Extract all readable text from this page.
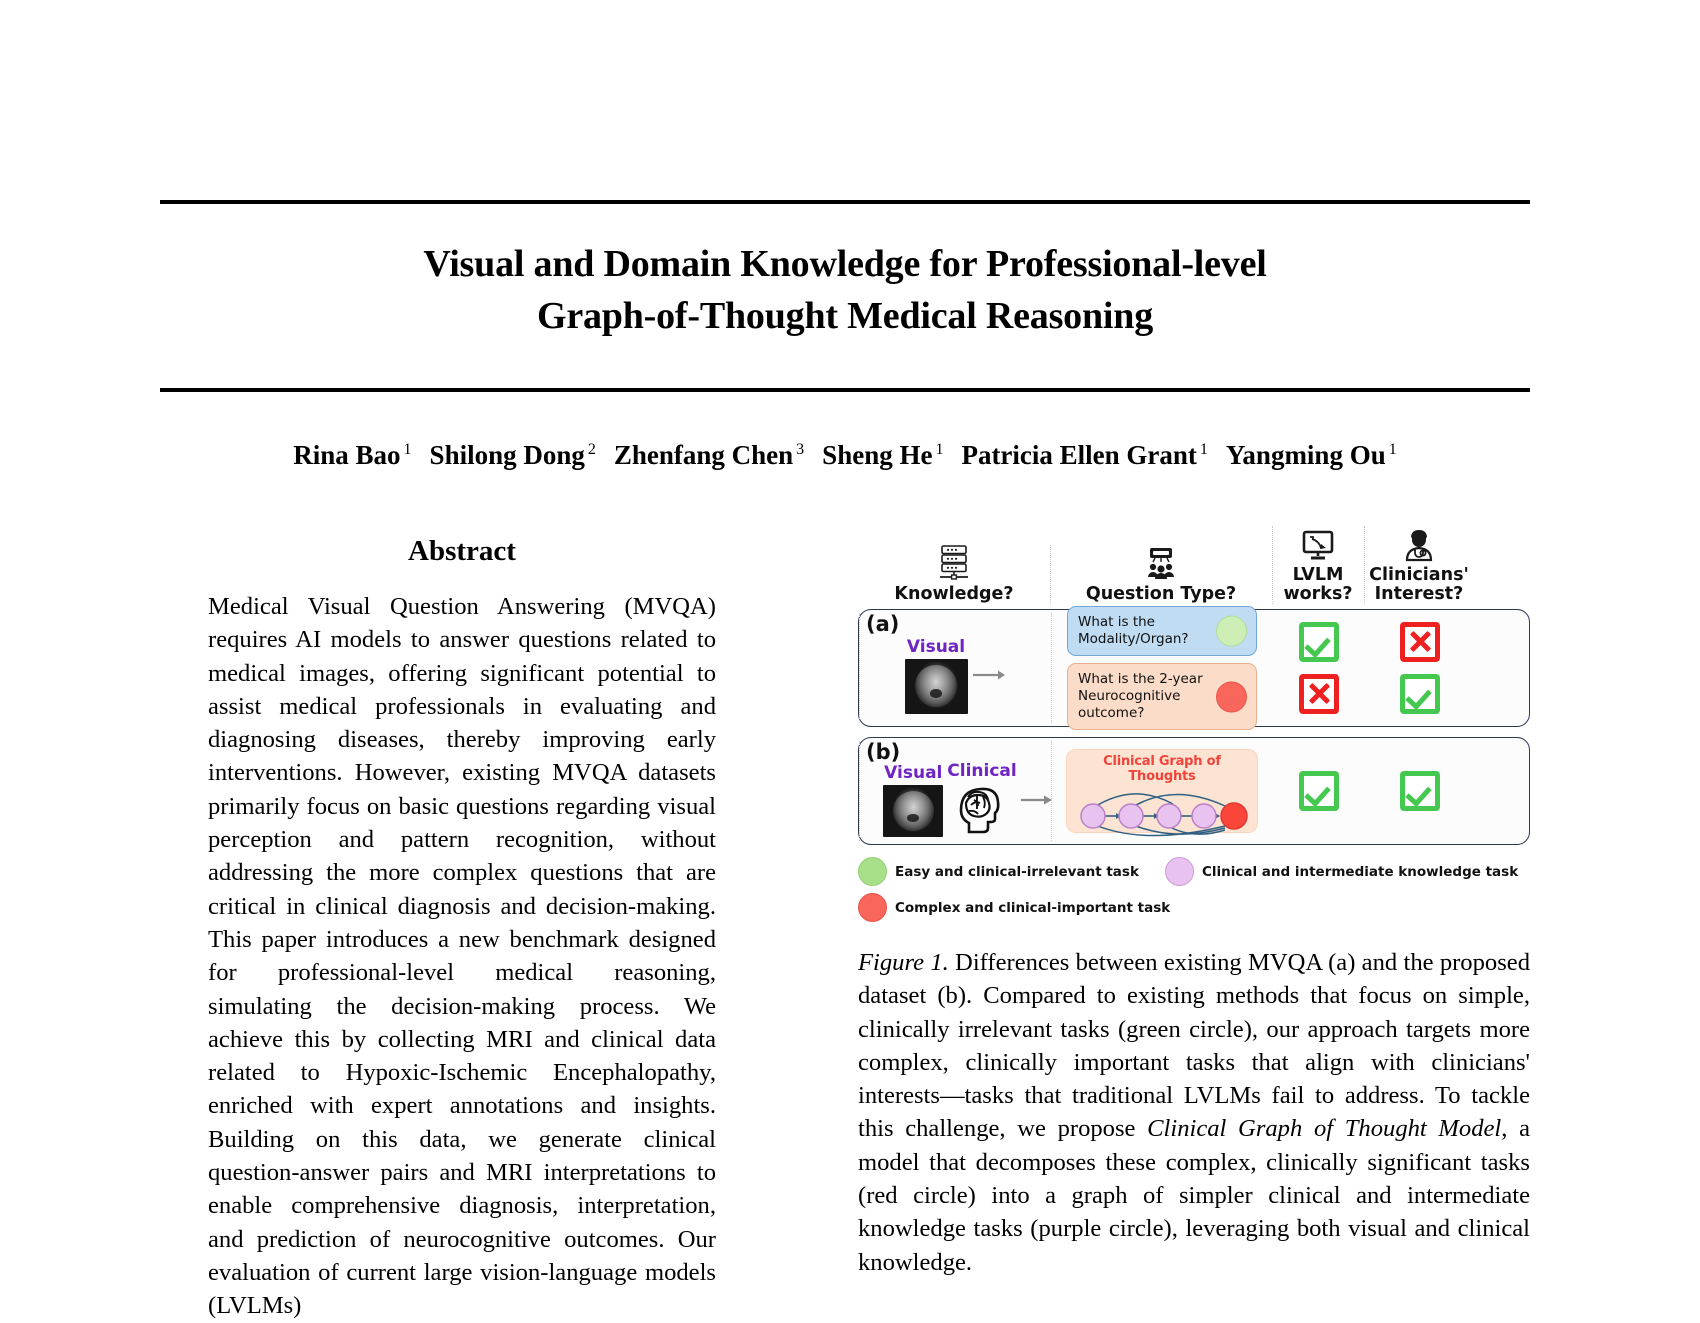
Visual and Domain Knowledge for Professional-level
Graph-of-Thought Medical Reasoning
Rina Bao $^1$ Shilong Dong $^2$ Zhenfang Chen $^3$ Sheng He $^1$ Patricia Ellen Grant $^1$ Yangming Ou $^1$
Abstract
Medical Visual Question Answering (MVQA) requires AI models to answer questions related to medical images, offering significant potential to assist medical professionals in evaluating and diagnosing diseases, thereby improving early interventions. However, existing MVQA datasets primarily focus on basic questions regarding visual perception and pattern recognition, without addressing the more complex questions that are critical in clinical diagnosis and decision-making. This paper introduces a new benchmark designed for professional-level medical reasoning, simulating the decision-making process. We achieve this by collecting MRI and clinical data related to Hypoxic-Ischemic Encephalopathy, enriched with expert annotations and insights. Building on this data, we generate clinical question-answer pairs and MRI interpretations to enable comprehensive diagnosis, interpretation, and prediction of neurocognitive outcomes. Our evaluation of current large vision-language models (LVLMs)
Knowledge?	Question Type?
LVLM works?
Clinicians' Interest?
(a)
Visual
What is the Modality/Organ?
What is the 2-year Neurocognitive outcome?
(b)
Visual Clinical	Clinical Graph of Thoughts
Easy and clinical-irrelevant task	Clinical and intermediate knowledge task
Complex and clinical-important task
Figure 1. Differences between existing MVQA (a) and the proposed dataset (b). Compared to existing methods that focus on simple, clinically irrelevant tasks (green circle), our approach targets more complex, clinically important tasks that align with clinicians' interests—tasks that traditional LVLMs fail to address. To tackle this challenge, we propose Clinical Graph of Thought Model, a model that decomposes these complex, clinically significant tasks (red circle) into a graph of simpler clinical and intermediate knowledge tasks (purple circle), leveraging both visual and clinical knowledge.
